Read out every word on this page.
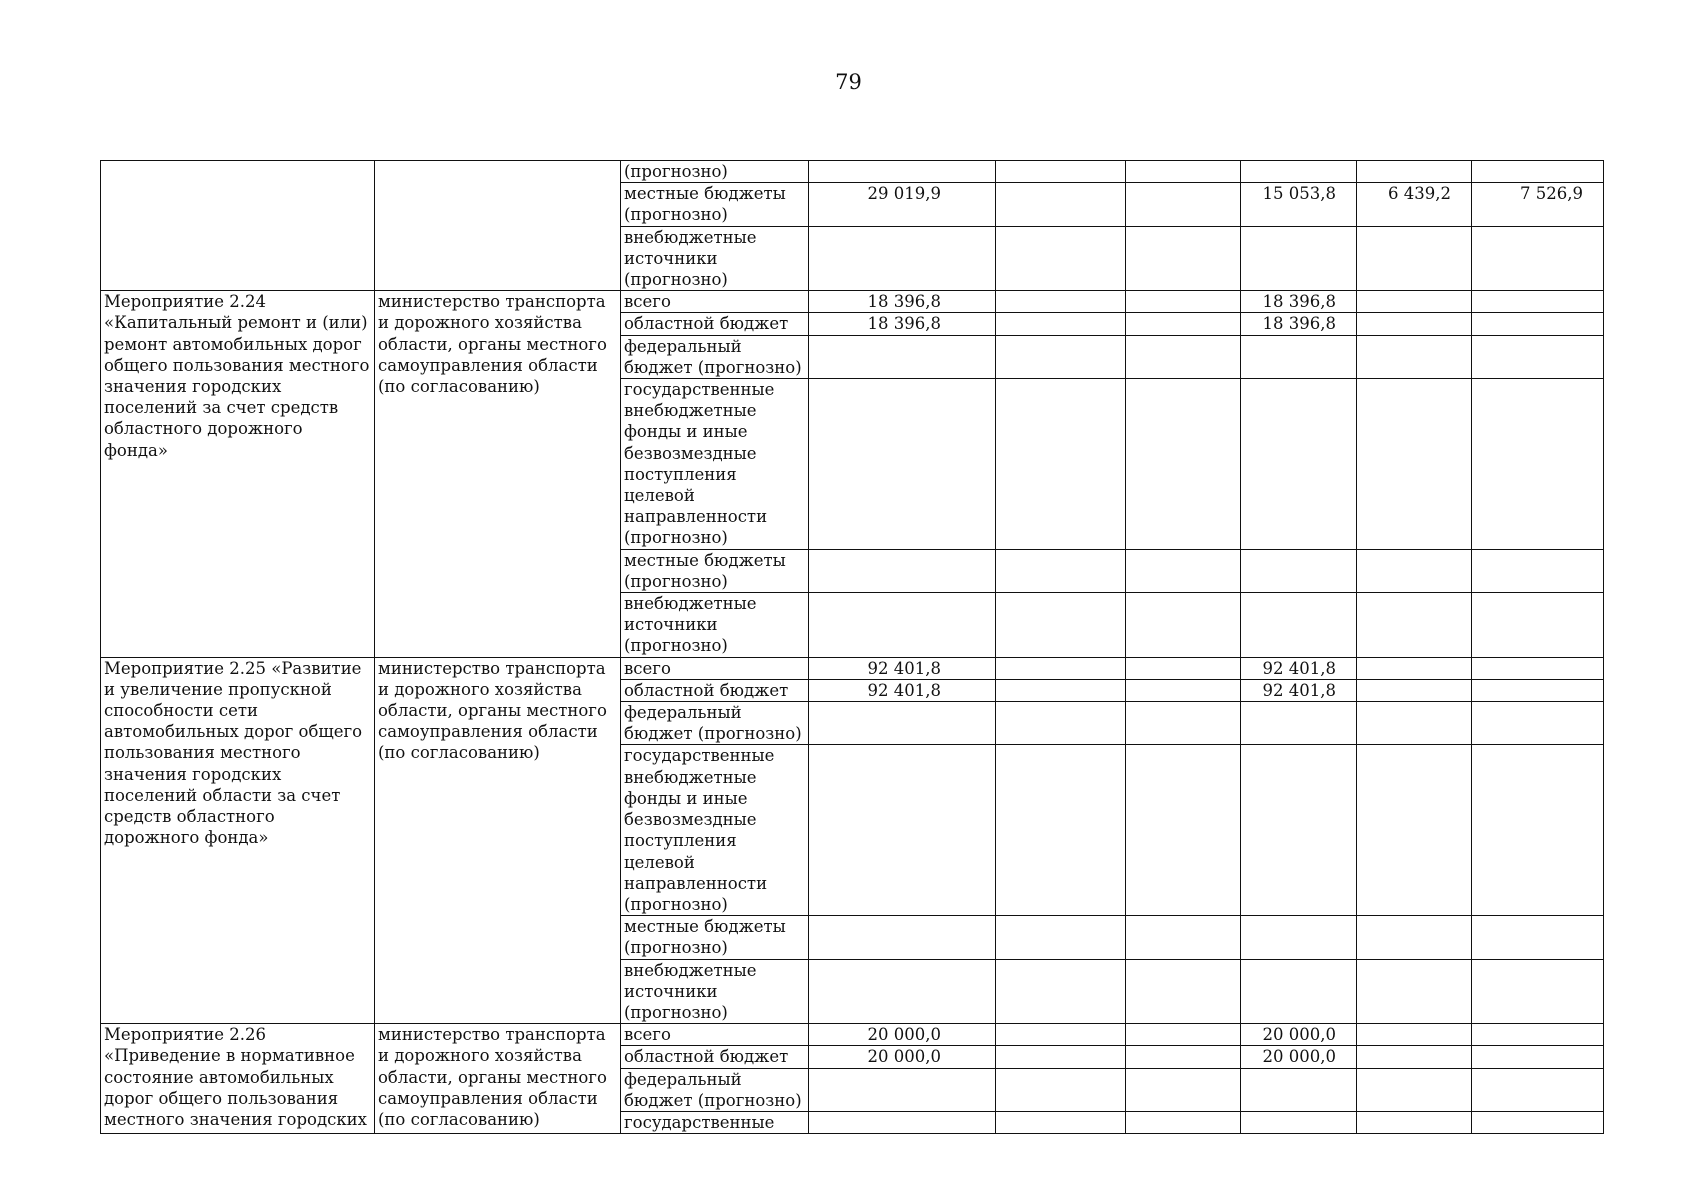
79
		(прогнозно)						
		местные бюджеты (прогнозно)	29 019,9			15 053,8	6 439,2	7 526,9
		внебюджетные источники (прогнозно)						
Мероприятие 2.24 «Капитальный ремонт и (или) ремонт автомобильных дорог общего пользования местного значения городских поселений за счет средств областного дорожного фонда»	министерство транспорта и дорожного хозяйства области, органы местного самоуправления области (по согласованию)	всего	18 396,8			18 396,8		
		областной бюджет	18 396,8			18 396,8		
		федеральный бюджет (прогнозно)						
		государственные внебюджетные фонды и иные безвозмездные поступления целевой направленности (прогнозно)						
		местные бюджеты (прогнозно)						
		внебюджетные источники (прогнозно)						
Мероприятие 2.25 «Развитие и увеличение пропускной способности сети автомобильных дорог общего пользования местного значения городских поселений области за счет средств областного дорожного фонда»	министерство транспорта и дорожного хозяйства области, органы местного самоуправления области (по согласованию)	всего	92 401,8			92 401,8		
		областной бюджет	92 401,8			92 401,8		
		федеральный бюджет (прогнозно)						
		государственные внебюджетные фонды и иные безвозмездные поступления целевой направленности (прогнозно)						
		местные бюджеты (прогнозно)						
		внебюджетные источники (прогнозно)						
Мероприятие 2.26 «Приведение в нормативное состояние автомобильных дорог общего пользования местного значения городских	министерство транспорта и дорожного хозяйства области, органы местного самоуправления области (по согласованию)	всего	20 000,0			20 000,0		
		областной бюджет	20 000,0			20 000,0		
		федеральный бюджет (прогнозно)						
		государственные						
